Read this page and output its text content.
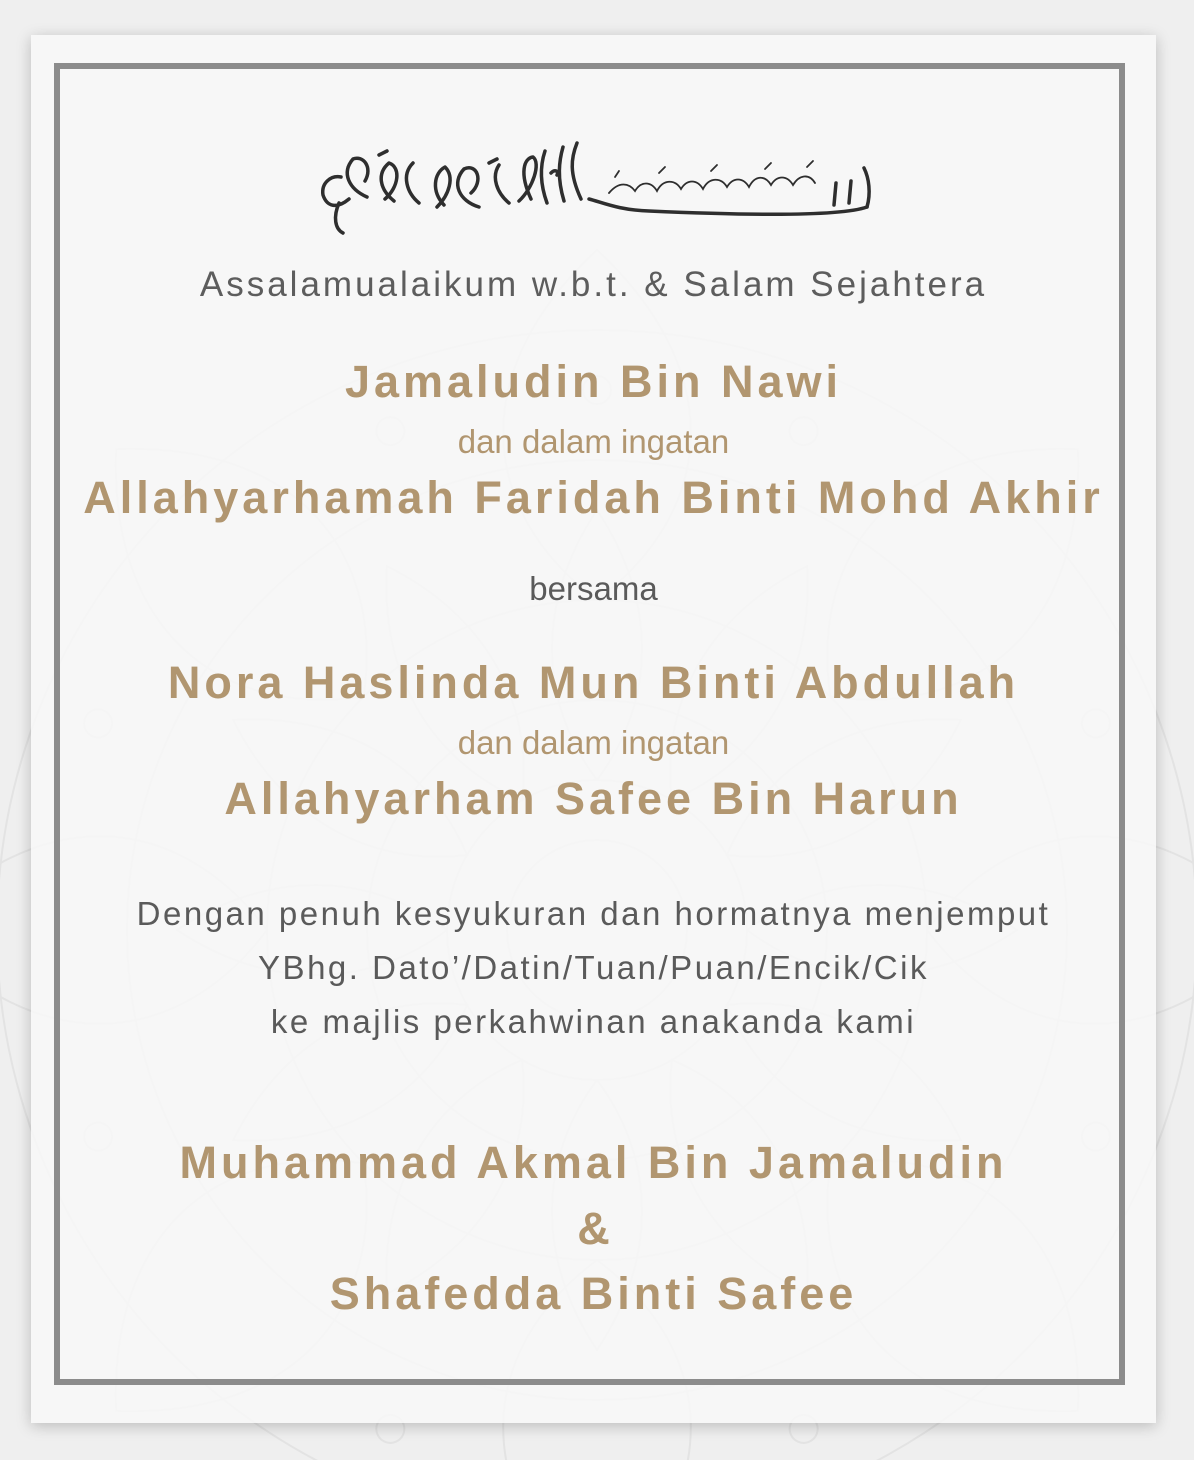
Assalamualaikum w.b.t. & Salam Sejahtera
Jamaludin Bin Nawi
dan dalam ingatan
Allahyarhamah Faridah Binti Mohd Akhir
bersama
Nora Haslinda Mun Binti Abdullah
dan dalam ingatan
Allahyarham Safee Bin Harun
Dengan penuh kesyukuran dan hormatnya menjemput
YBhg. Dato’/Datin/Tuan/Puan/Encik/Cik
ke majlis perkahwinan anakanda kami
Muhammad Akmal Bin Jamaludin
&
Shafedda Binti Safee
